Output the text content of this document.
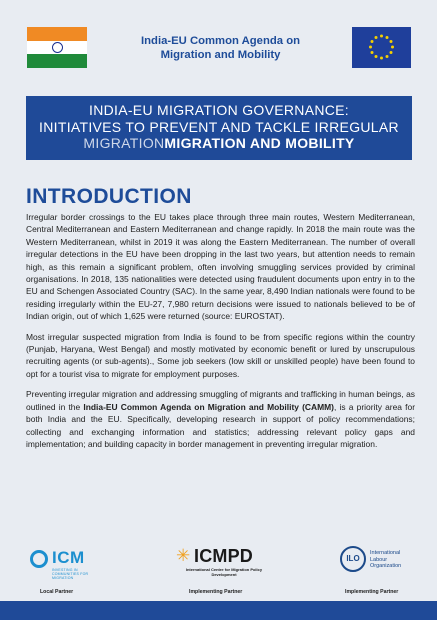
India-EU Common Agenda on
Migration and Mobility
INDIA-EU MIGRATION GOVERNANCE:
INITIATIVES TO PREVENT AND TACKLE IRREGULAR
MIGRATIONMIGRATION AND MOBILITY
INTRODUCTION

Irregular border crossings to the EU takes place through three main routes, Western Mediterranean, Central Mediterranean and Eastern Mediterranean and change rapidly. In 2018 the main route was the Western Mediterranean, whilst in 2019 it was along the Eastern Mediterranean. The number of overall irregular detections in the EU have been dropping in the last two years, but attention needs to remain high, as this remain a significant problem, often involving smuggling services provided by criminal organisations. In 2018, 135 nationalities were detected using fraudulent documents upon entry in to the EU and Schengen Associated Country (SAC). In the same year, 8,490 Indian nationals were found to be residing irregularly within the EU-27, 7,980 return decisions were issued to nationals believed to be of Indian origin, out of which 1,625 were returned (source: EUROSTAT).

Most irregular suspected migration from India is found to be from specific regions within the country (Punjab, Haryana, West Bengal) and mostly motivated by economic benefit or lured by unscrupulous recruiting agents (or sub-agents)., Some job seekers (low skill or unskilled people) have been found to opt for a tourist visa to migrate for employment purposes.

Preventing irregular migration and addressing smuggling of migrants and trafficking in human beings, as outlined in the India-EU Common Agenda on Migration and Mobility (CAMM), is a priority area for both India and the EU. Specifically, developing research in support of policy recommendations; collecting and exchanging information and statistics; addressing relevant policy gaps and implementation; and building capacity in border management in preventing irregular migration.

ICM
INVESTING IN COMMUNITIES FOR MIGRATION
✳ ICMPD
International Centre for Migration Policy Development
ILO
International Labour Organization
Local Partner	Implementing Partner	Implementing Partner
